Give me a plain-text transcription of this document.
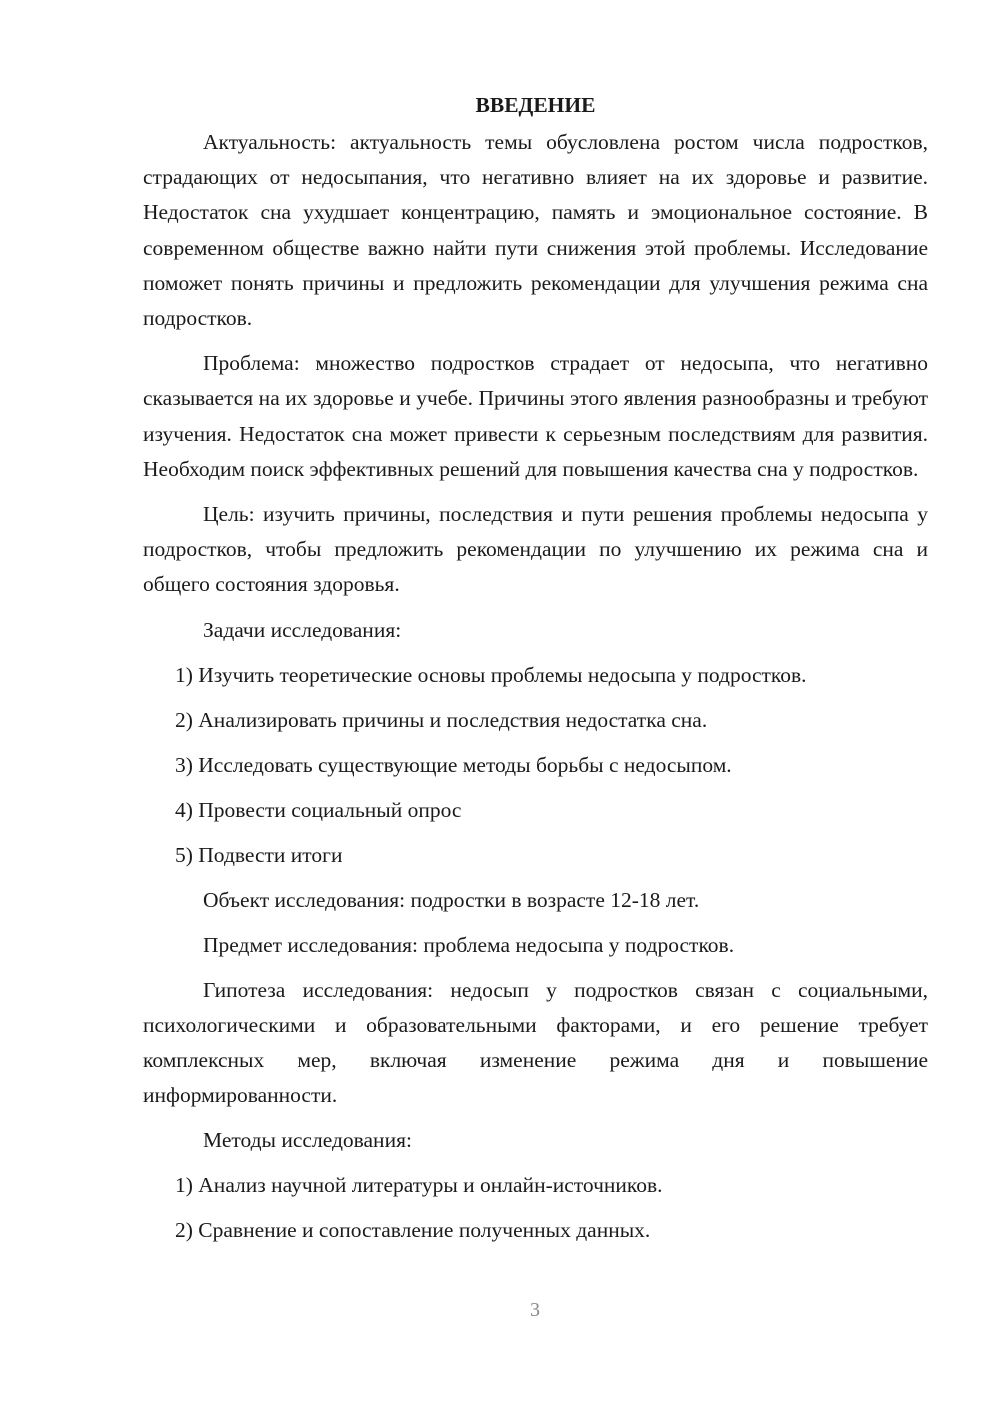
ВВЕДЕНИЕ
Актуальность: актуальность темы обусловлена ростом числа подростков, страдающих от недосыпания, что негативно влияет на их здоровье и развитие. Недостаток сна ухудшает концентрацию, память и эмоциональное состояние. В современном обществе важно найти пути снижения этой проблемы. Исследование поможет понять причины и предложить рекомендации для улучшения режима сна подростков.
Проблема: множество подростков страдает от недосыпа, что негативно сказывается на их здоровье и учебе. Причины этого явления разнообразны и требуют изучения. Недостаток сна может привести к серьезным последствиям для развития. Необходим поиск эффективных решений для повышения качества сна у подростков.
Цель: изучить причины, последствия и пути решения проблемы недосыпа у подростков, чтобы предложить рекомендации по улучшению их режима сна и общего состояния здоровья.
Задачи исследования:
1) Изучить теоретические основы проблемы недосыпа у подростков.
2) Анализировать причины и последствия недостатка сна.
3) Исследовать существующие методы борьбы с недосыпом.
4) Провести социальный опрос
5) Подвести итоги
Объект исследования: подростки в возрасте 12-18 лет.
Предмет исследования: проблема недосыпа у подростков.
Гипотеза исследования: недосып у подростков связан с социальными, психологическими и образовательными факторами, и его решение требует комплексных мер, включая изменение режима дня и повышение информированности.
Методы исследования:
1) Анализ научной литературы и онлайн-источников.
2) Сравнение и сопоставление полученных данных.
3
